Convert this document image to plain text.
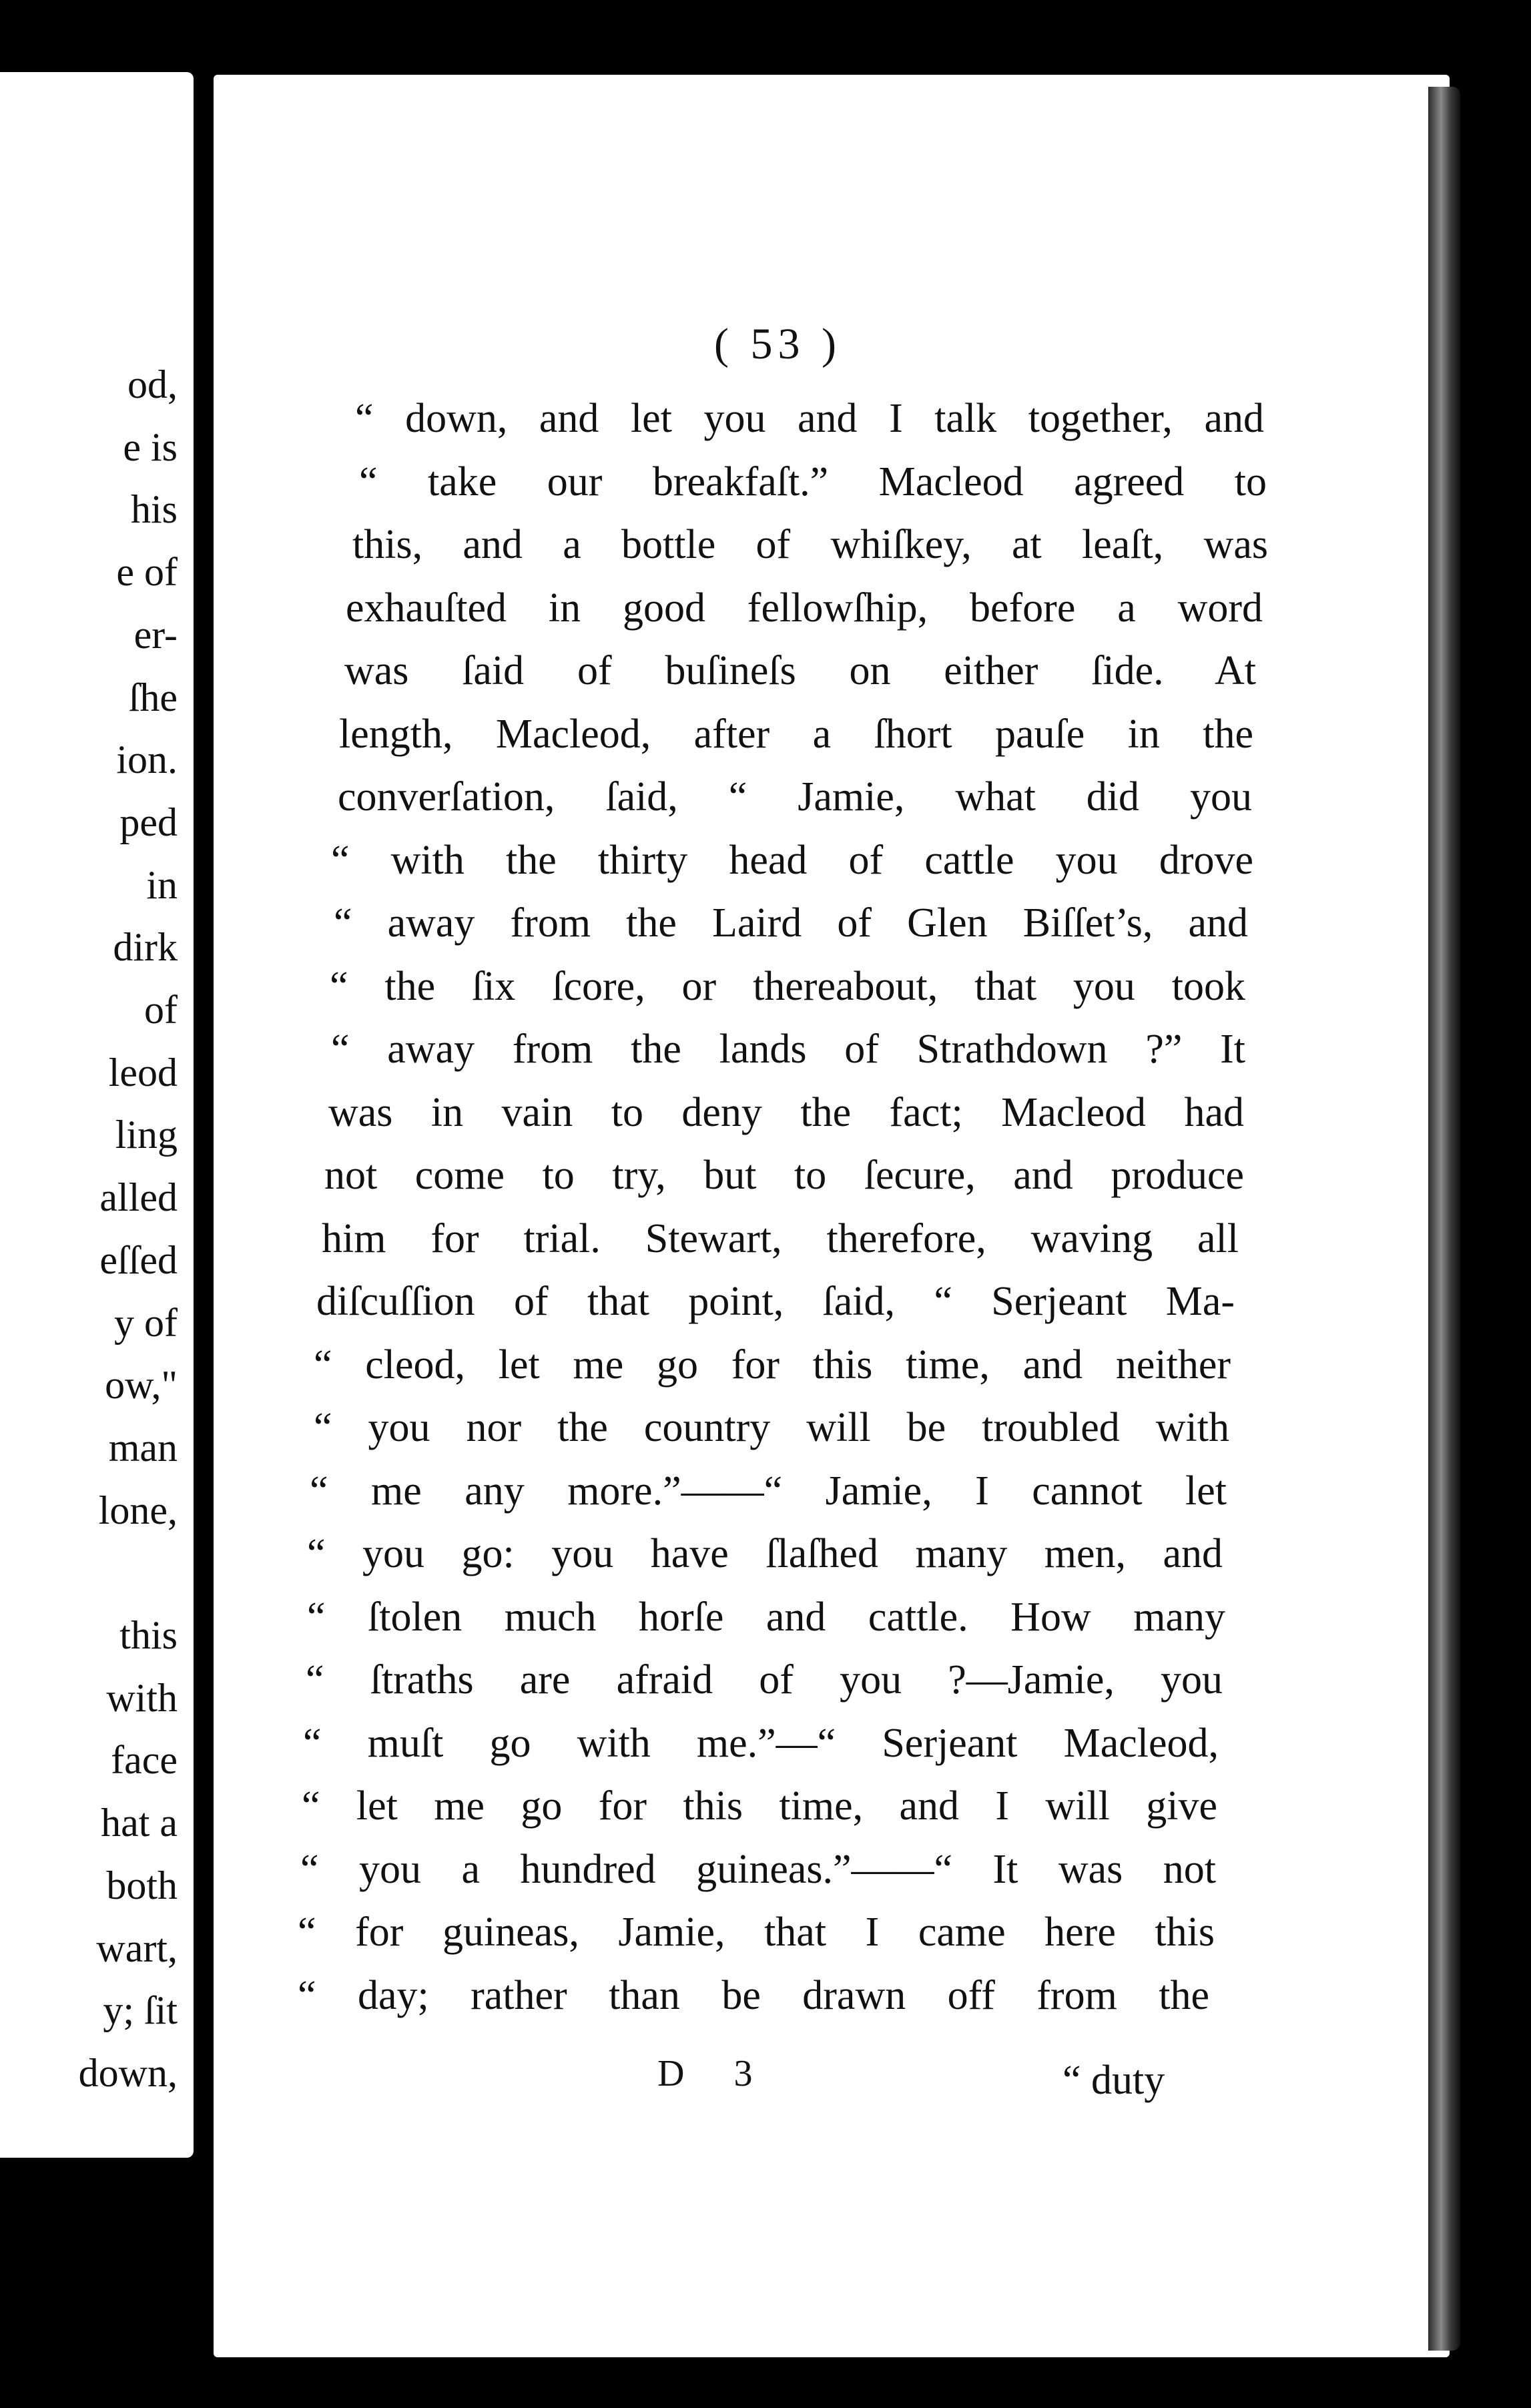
od,
e is
his
e of
er-
ſhe
ion.
ped
in
dirk
of
leod
ling
alled
eſſed
y of
ow,"
man
lone,
this
with
face
hat a
both
wart,
y; ſit
down,
( 53 )
“ down, and let you and I talk together, and
“ take our breakfaſt.” Macleod agreed to
this, and a bottle of whiſkey, at leaſt, was
exhauſted in good fellowſhip, before a word
was ſaid of buſineſs on either ſide. At
length, Macleod, after a ſhort pauſe in the
converſation, ſaid, “ Jamie, what did you
“ with the thirty head of cattle you drove
“ away from the Laird of Glen Biſſet’s, and
“ the ſix ſcore, or thereabout, that you took
“ away from the lands of Strathdown ?” It
was in vain to deny the fact; Macleod had
not come to try, but to ſecure, and produce
him for trial. Stewart, therefore, waving all
diſcuſſion of that point, ſaid, “ Serjeant Ma-
“ cleod, let me go for this time, and neither
“ you nor the country will be troubled with
“ me any more.”——“ Jamie, I cannot let
“ you go: you have ſlaſhed many men, and
“ ſtolen much horſe and cattle. How many
“ ſtraths are afraid of you ?—Jamie, you
“ muſt go with me.”—“ Serjeant Macleod,
“ let me go for this time, and I will give
“ you a hundred guineas.”——“ It was not
“ for guineas, Jamie, that I came here this
“ day; rather than be drawn off from the
D 3	“ duty
